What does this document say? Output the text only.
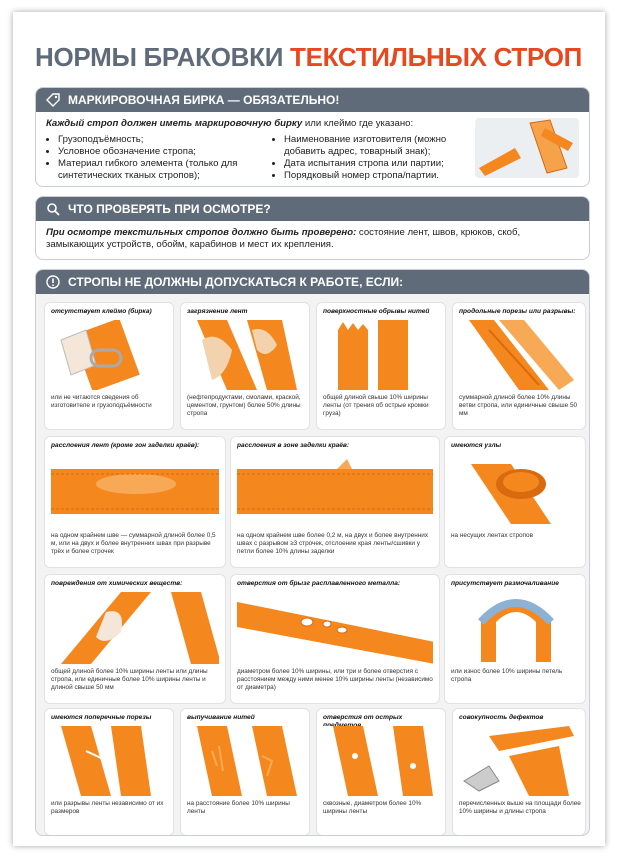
НОРМЫ БРАКОВКИ ТЕКСТИЛЬНЫХ СТРОП
МАРКИРОВОЧНАЯ БИРКА — ОБЯЗАТЕЛЬНО!
Каждый строп должен иметь маркировочную бирку или клеймо где указано:
• Грузоподъёмность;
• Условное обозначение стропа;
• Материал гибкого элемента (только для синтетических тканых стропов);
• Наименование изготовителя (можно добавить адрес, товарный знак);
• Дата испытания стропа или партии;
• Порядковый номер стропа/партии.
ЧТО ПРОВЕРЯТЬ ПРИ ОСМОТРЕ?
При осмотре текстильных стропов должно быть проверено: состояние лент, швов, крюков, скоб, замыкающих устройств, обойм, карабинов и мест их крепления.
СТРОПЫ НЕ ДОЛЖНЫ ДОПУСКАТЬСЯ К РАБОТЕ, ЕСЛИ:
отсутствует клеймо (бирка)
или не читаются сведения об изготовителе и грузоподъёмности
загрязнение лент
(нефтепродуктами, смолами, краской, цементом, грунтом) более 50% длины стропа
поверхностные обрывы нитей
общей длиной свыше 10% ширины ленты (от трения об острые кромки груза)
продольные порезы или разрывы:
суммарной длиной более 10% длины ветви стропа, или единичные свыше 50 мм
расслоения лент (кроме зон заделки краёв):
на одном крайнем шве — суммарной длиной более 0,5 м, или на двух и более внутренних швах при разрыве трёх и более строчек
расслоения в зоне заделки краёв:
на одном крайнем шве более 0,2 м, на двух и более внутренних швах с разрывом ≥3 строчек, отслоение края ленты/сшивки у петли более 10% длины заделки
имеются узлы
на несущих лентах стропов
повреждения от химических веществ:
общей длиной более 10% ширины ленты или длины стропа, или единичные более 10% ширины ленты и длиной свыше 50 мм
отверстия от брызг расплавленного металла:
диаметром более 10% ширины, или три и более отверстия с расстоянием между ними менее 10% ширины ленты (независимо от диаметра)
присутствует размочаливание
или износ более 10% ширины петель стропа
имеются поперечные порезы
или разрывы ленты независимо от их размеров
выпучивание нитей
на расстояние более 10% ширины ленты
отверстия от острых
сквозные, диаметром более 10% ширины ленты
совокупность дефектов
перечисленных выше на площади более 10% ширины и длины стропа
